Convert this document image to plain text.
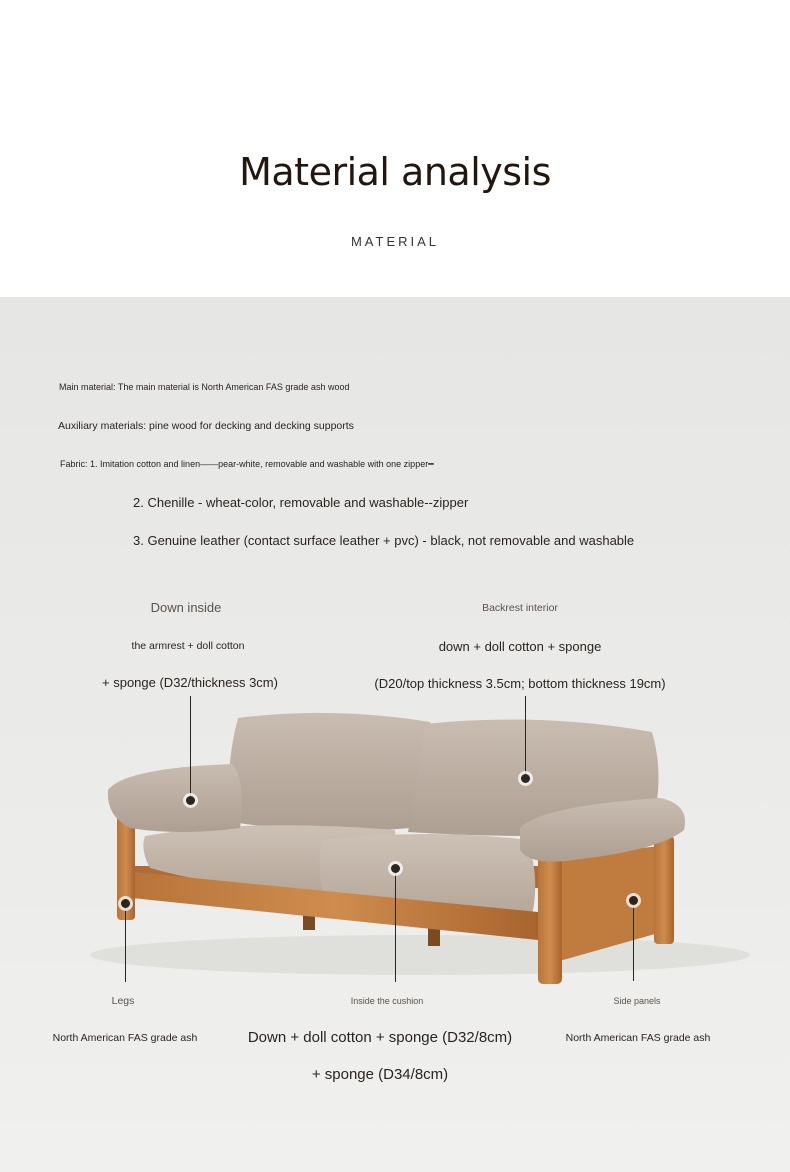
Material analysis
MATERIAL
Main material: The main material is North American FAS grade ash wood
Auxiliary materials: pine wood for decking and decking supports
Fabric: 1. Imitation cotton and linen——pear-white, removable and washable with one zipper━
2. Chenille - wheat-color, removable and washable--zipper
3. Genuine leather (contact surface leather + pvc) - black, not removable and washable
Down inside
the armrest + doll cotton
+ sponge (D32/thickness 3cm)
Backrest interior
down + doll cotton + sponge
(D20/top thickness 3.5cm; bottom thickness 19cm)
Legs
North American FAS grade ash
Inside the cushion
Down + doll cotton + sponge (D32/8cm)
+ sponge (D34/8cm)
Side panels
North American FAS grade ash
